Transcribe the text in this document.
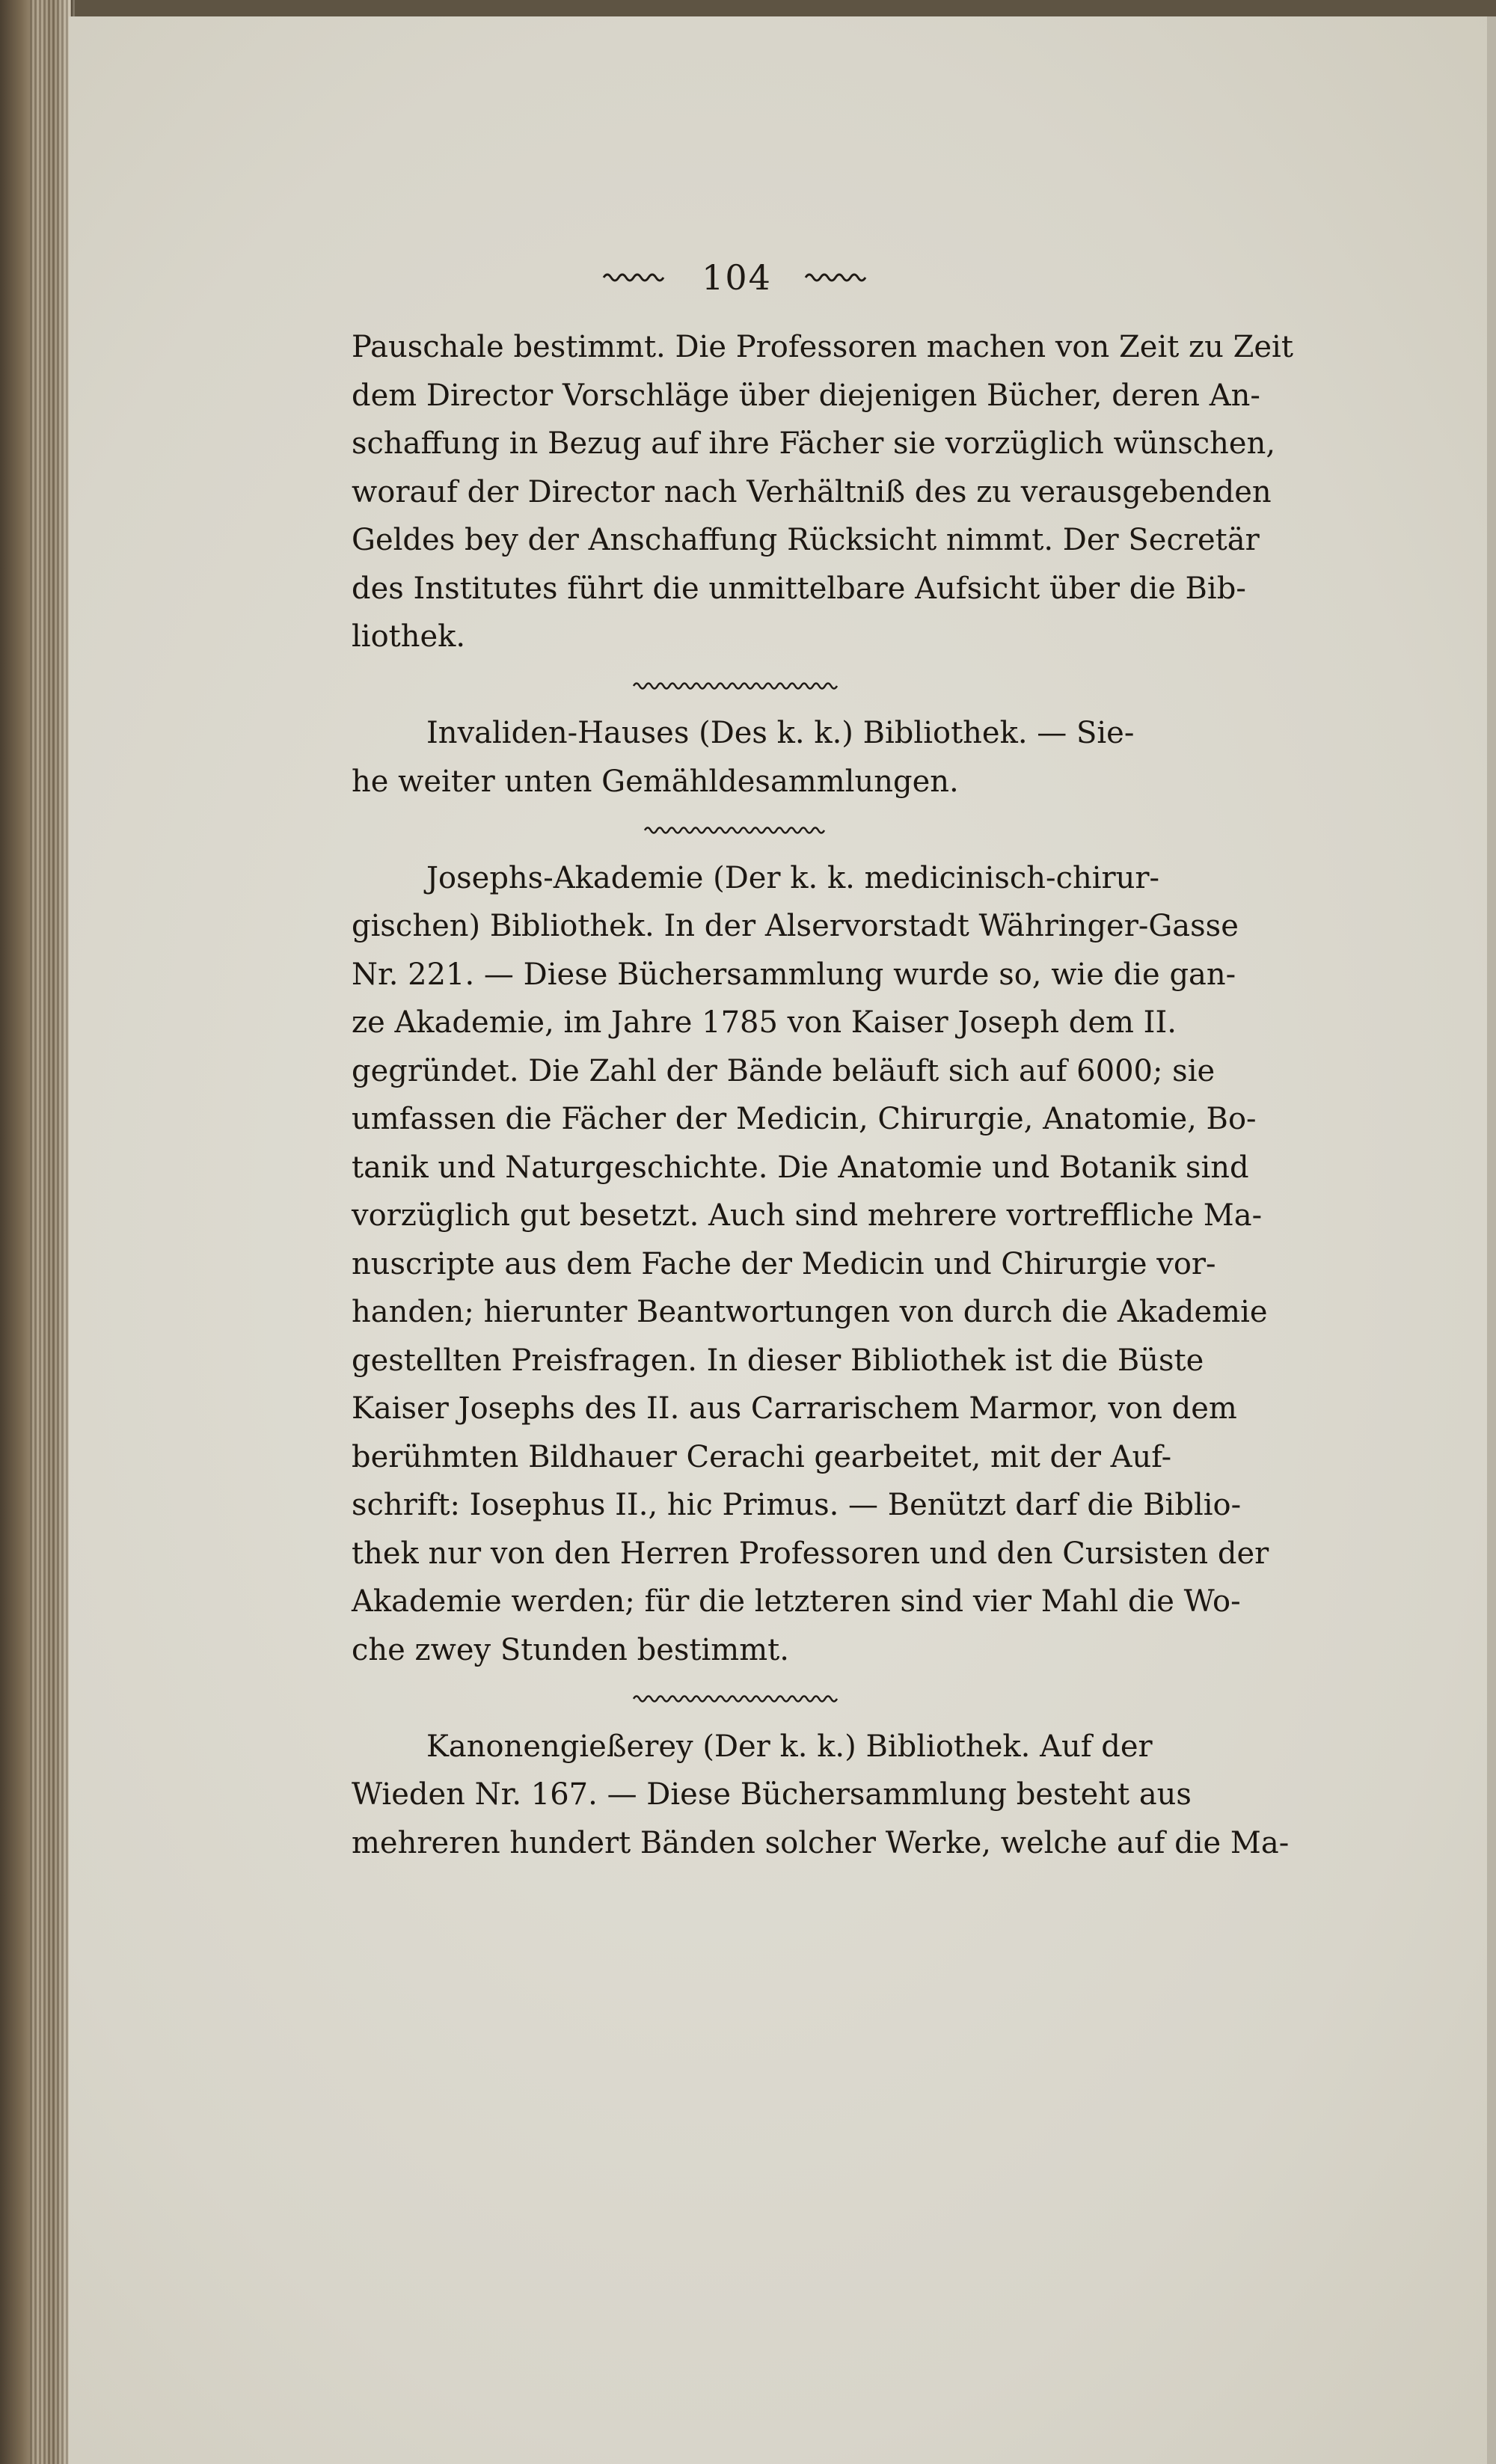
104
Pauschale bestimmt. Die Professoren machen von Zeit zu Zeit
dem Director Vorschläge über diejenigen Bücher, deren An-
schaffung in Bezug auf ihre Fächer sie vorzüglich wünschen,
worauf der Director nach Verhältniß des zu verausgebenden
Geldes bey der Anschaffung Rücksicht nimmt. Der Secretär
des Institutes führt die unmittelbare Aufsicht über die Bib-
liothek.
Invaliden-Hauses (Des k. k.) Bibliothek. — Sie-
he weiter unten Gemähldesammlungen.
Josephs-Akademie (Der k. k. medicinisch-chirur-
gischen) Bibliothek. In der Alservorstadt Währinger-Gasse
Nr. 221. — Diese Büchersammlung wurde so, wie die gan-
ze Akademie, im Jahre 1785 von Kaiser Joseph dem II.
gegründet. Die Zahl der Bände beläuft sich auf 6000; sie
umfassen die Fächer der Medicin, Chirurgie, Anatomie, Bo-
tanik und Naturgeschichte. Die Anatomie und Botanik sind
vorzüglich gut besetzt. Auch sind mehrere vortreffliche Ma-
nuscripte aus dem Fache der Medicin und Chirurgie vor-
handen; hierunter Beantwortungen von durch die Akademie
gestellten Preisfragen. In dieser Bibliothek ist die Büste
Kaiser Josephs des II. aus Carrarischem Marmor, von dem
berühmten Bildhauer Cerachi gearbeitet, mit der Auf-
schrift: Iosephus II., hic Primus. — Benützt darf die Biblio-
thek nur von den Herren Professoren und den Cursisten der
Akademie werden; für die letzteren sind vier Mahl die Wo-
che zwey Stunden bestimmt.
Kanonengießerey (Der k. k.) Bibliothek. Auf der
Wieden Nr. 167. — Diese Büchersammlung besteht aus
mehreren hundert Bänden solcher Werke, welche auf die Ma-
